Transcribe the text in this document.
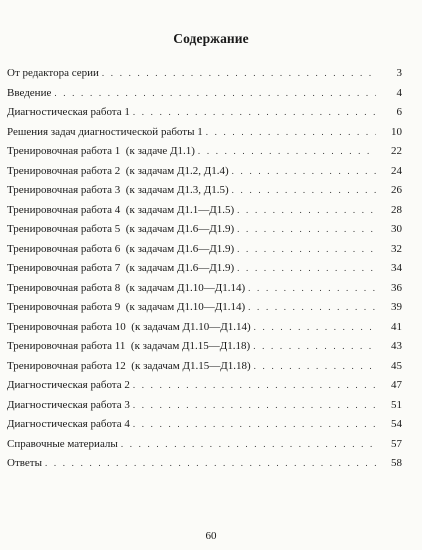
Содержание
От редактора серии . . .	3
Введение . . .	4
Диагностическая работа 1 . . .	6
Решения задач диагностической работы 1 . . .	10
Тренировочная работа 1  (к задаче Д1.1) . . .	22
Тренировочная работа 2  (к задачам Д1.2, Д1.4) . . .	24
Тренировочная работа 3  (к задачам Д1.3, Д1.5) . . .	26
Тренировочная работа 4  (к задачам Д1.1—Д1.5) . . .	28
Тренировочная работа 5  (к задачам Д1.6—Д1.9) . . .	30
Тренировочная работа 6  (к задачам Д1.6—Д1.9) . . .	32
Тренировочная работа 7  (к задачам Д1.6—Д1.9) . . .	34
Тренировочная работа 8  (к задачам Д1.10—Д1.14) . . .	36
Тренировочная работа 9  (к задачам Д1.10—Д1.14) . . .	39
Тренировочная работа 10  (к задачам Д1.10—Д1.14) . . .	41
Тренировочная работа 11  (к задачам Д1.15—Д1.18) . . .	43
Тренировочная работа 12  (к задачам Д1.15—Д1.18) . . .	45
Диагностическая работа 2 . . .	47
Диагностическая работа 3 . . .	51
Диагностическая работа 4 . . .	54
Справочные материалы . . .	57
Ответы . . .	58
60
